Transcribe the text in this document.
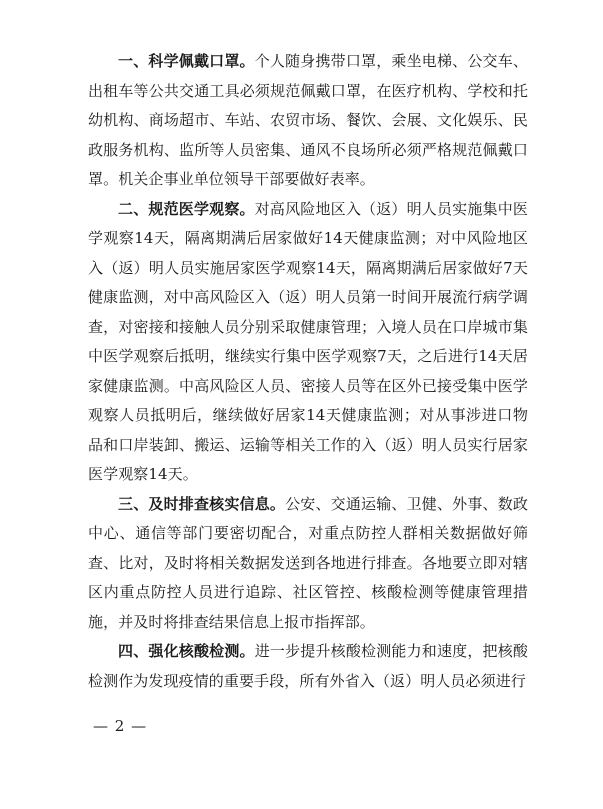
一、科学佩戴口罩。个人随身携带口罩，乘坐电梯、公交车、出租车等公共交通工具必须规范佩戴口罩，在医疗机构、学校和托幼机构、商场超市、车站、农贸市场、餐饮、会展、文化娱乐、民政服务机构、监所等人员密集、通风不良场所必须严格规范佩戴口罩。机关企事业单位领导干部要做好表率。

二、规范医学观察。对高风险地区入（返）明人员实施集中医学观察14天，隔离期满后居家做好14天健康监测；对中风险地区入（返）明人员实施居家医学观察14天，隔离期满后居家做好7天健康监测，对中高风险区入（返）明人员第一时间开展流行病学调查，对密接和接触人员分别采取健康管理；入境人员在口岸城市集中医学观察后抵明，继续实行集中医学观察7天，之后进行14天居家健康监测。中高风险区人员、密接人员等在区外已接受集中医学观察人员抵明后，继续做好居家14天健康监测；对从事涉进口物品和口岸装卸、搬运、运输等相关工作的入（返）明人员实行居家医学观察14天。

三、及时排查核实信息。公安、交通运输、卫健、外事、数政中心、通信等部门要密切配合，对重点防控人群相关数据做好筛查、比对，及时将相关数据发送到各地进行排查。各地要立即对辖区内重点防控人员进行追踪、社区管控、核酸检测等健康管理措施，并及时将排查结果信息上报市指挥部。

四、强化核酸检测。进一步提升核酸检测能力和速度，把核酸检测作为发现疫情的重要手段，所有外省入（返）明人员必须进行

— 2 —
